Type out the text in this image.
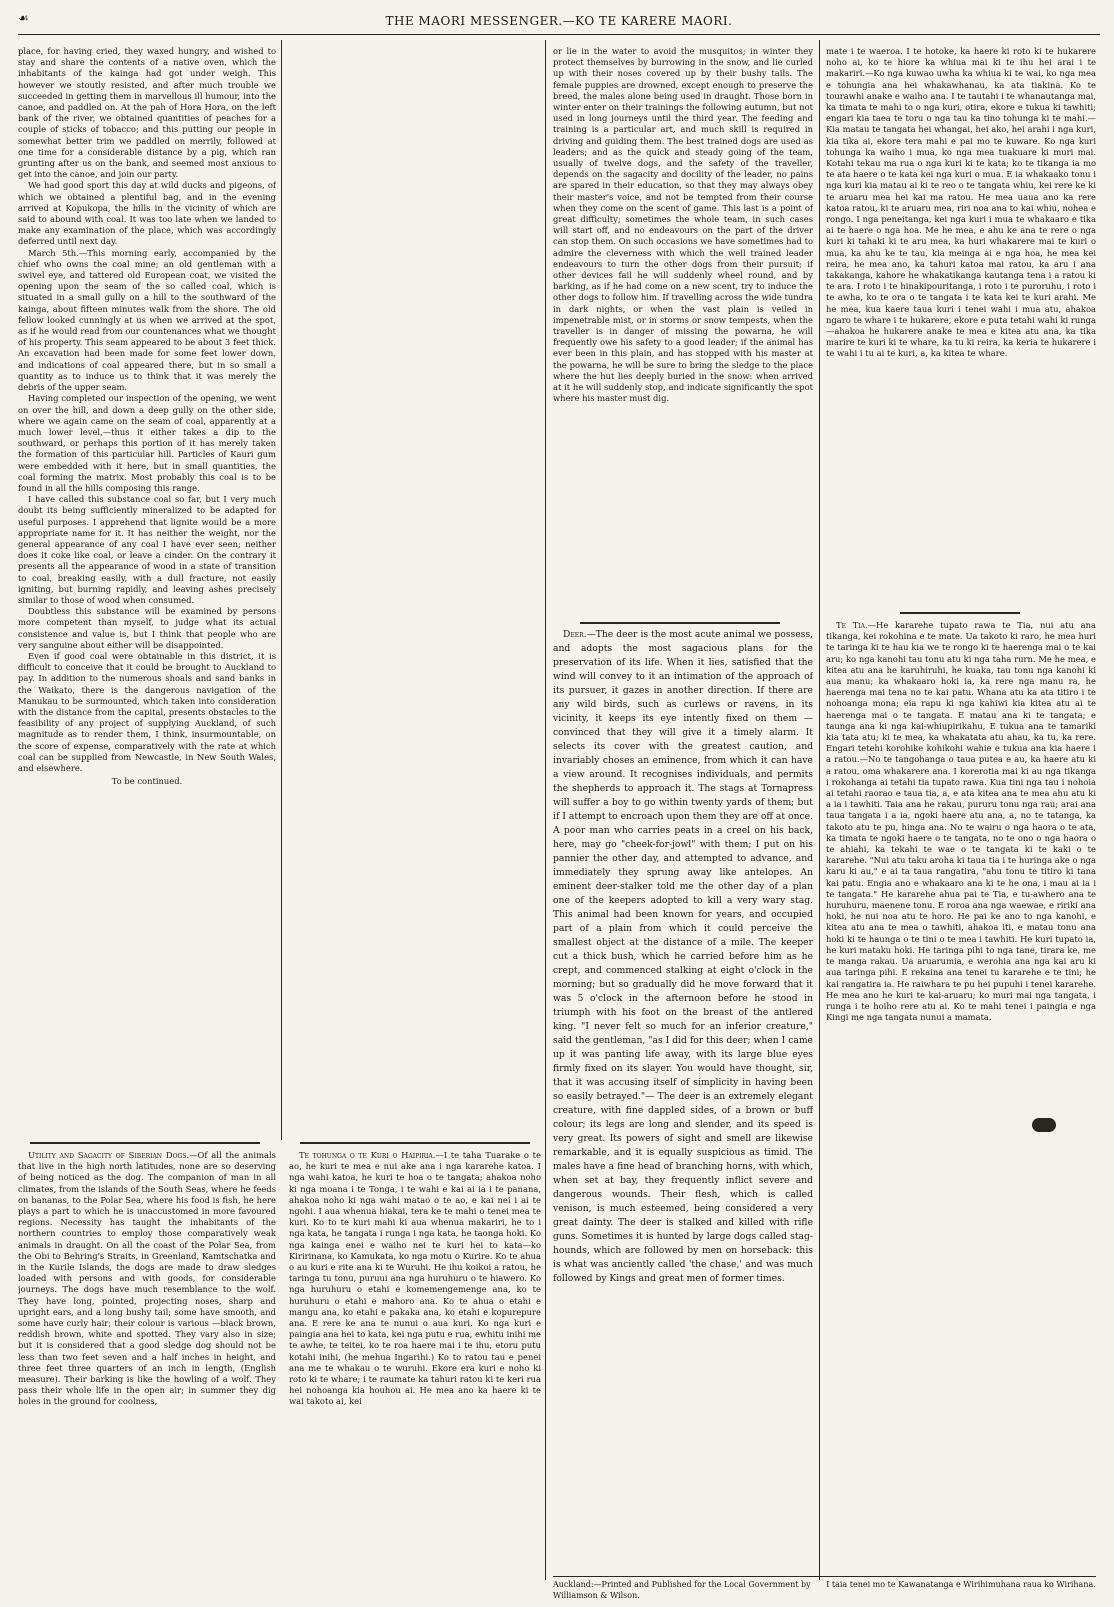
☙	THE MAORI MESSENGER.—KO TE KARERE MAORI.

place, for having cried, they waxed hungry, and wished to stay and share the contents of a native oven, which the inhabitants of the kainga had got under weigh. This however we stoutly resisted, and after much trouble we succeeded in getting them in marvellous ill humour, into the canoe, and paddled on. At the pah of Hora Hora, on the left bank of the river, we obtained quantities of peaches for a couple of sticks of tobacco; and this putting our people in somewhat better trim we paddled on merrily, followed at one time for a considerable distance by a pig, which ran grunting after us on the bank, and seemed most anxious to get into the canoe, and join our party.

We had good sport this day at wild ducks and pigeons, of which we obtained a plentiful bag, and in the evening arrived at Kopukopa, the hills in the vicinity of which are said to abound with coal. It was too late when we landed to make any examination of the place, which was accordingly deferred until next day.

March 5th.—This morning early, accompanied by the chief who owns the coal mine; an old gentleman with a swivel eye, and tattered old European coat, we visited the opening upon the seam of the so called coal, which is situated in a small gully on a hill to the southward of the kainga, about fifteen minutes walk from the shore. The old fellow looked cunningly at us when we arrived at the spot, as if he would read from our countenances what we thought of his property. This seam appeared to be about 3 feet thick. An excavation had been made for some feet lower down, and indications of coal appeared there, but in so small a quantity as to induce us to think that it was merely the debris of the upper seam.

Having completed our inspection of the opening, we went on over the hill, and down a deep gully on the other side, where we again came on the seam of coal, apparently at a much lower level,—thus it either takes a dip to the southward, or perhaps this portion of it has merely taken the formation of this particular hill. Particles of Kauri gum were embedded with it here, but in small quantities, the coal forming the matrix. Most probably this coal is to be found in all the hills composing this range.

I have called this substance coal so far, but I very much doubt its being sufficiently mineralized to be adapted for useful purposes. I apprehend that lignite would be a more appropriate name for it. It has neither the weight, nor the general appearance of any coal I have ever seen; neither does it coke like coal, or leave a cinder. On the contrary it presents all the appearance of wood in a state of transition to coal, breaking easily, with a dull fracture, not easily igniting, but burning rapidly, and leaving ashes precisely similar to those of wood when consumed.

Doubtless this substance will be examined by persons more competent than myself, to judge what its actual consistence and value is, but I think that people who are very sanguine about either will be disappointed.

Even if good coal were obtainable in this district, it is difficult to conceive that it could be brought to Auckland to pay. In addition to the numerous shoals and sand banks in the Waikato, there is the dangerous navigation of the Manukau to be surmounted, which taken into consideration with the distance from the capital, presents obstacles to the feasibility of any project of supplying Auckland, of such magnitude as to render them, I think, insurmountable, on the score of expense, comparatively with the rate at which coal can be supplied from Newcastle, in New South Wales, and elsewhere.

To be continued.

Utility and Sagacity of Siberian Dogs.—Of all the animals that live in the high north latitudes, none are so deserving of being noticed as the dog. The companion of man in all climates, from the islands of the South Seas, where he feeds on bananas, to the Polar Sea, where his food is fish, he here plays a part to which he is unaccustomed in more favoured regions. Necessity has taught the inhabitants of the northern countries to employ those comparatively weak animals in draught. On all the coast of the Polar Sea, from the Obi to Behring's Straits, in Greenland, Kamtschatka and in the Kurile Islands, the dogs are made to draw sledges loaded with persons and with goods, for considerable journeys. The dogs have much resemblance to the wolf. They have long, pointed, projecting noses, sharp and upright ears, and a long bushy tail; some have smooth, and some have curly hair; their colour is various —black brown, reddish brown, white and spotted. They vary also in size; but it is considered that a good sledge dog should not be less than two feet seven and a half inches in height, and three feet three quarters of an inch in length, (English measure). Their barking is like the howling of a wolf. They pass their whole life in the open air; in summer they dig holes in the ground for coolness,

Te tohunga o te Kuri o Haipiria.—I te taha Tuarake o te ao, he kuri te mea e nui ake ana i nga kararehe katoa. I nga wahi katoa, he kuri te hoa o te tangata; ahakoa noho ki nga moana i te Tonga, i te wahi e kai ai ia i te panana, ahakoa noho ki nga wahi matao o te ao, e kai nei i ai te ngohi. I aua whenua hiakai, tera ke te mahi o tenei mea te kuri. Ko to te kuri mahi ki aua whenua makariri, he to i nga kata, he tangata i runga i nga kata, he taonga hoki. Ko nga kainga enei e waiho nei te kuri hei to kata—ko Kiririnana, ko Kamukata, ko nga motu o Kurire. Ko te ahua o au kuri e rite ana ki te Wuruhi. He ihu koikoi a ratou, he taringa tu tonu, puruui ana nga huruhuru o te hiawero. Ko nga huruhuru o etahi e komemengemenge ana, ko te huruhuru o etahi e mahoro ana. Ko te ahua o etahi e mangu ana, ko etahi e pakaka ana, ko etahi e kopurepure ana. E rere ke ana te nunui o aua kuri. Ko nga kuri e paingia ana hei to kata, kei nga putu e rua, ewhitu inihi me te awhe, te teitei, ko te roa haere mai i te ihu, etoru putu kotahi inihi, (he mehua Ingarihi.) Ko to ratou tau e penei ana me te whakau o te wuruhi. Ekore era kuri e noho ki roto ki te whare; i te raumate ka tahuri ratou ki te keri rua hei nohoanga kia houhou ai. He mea ano ka haere ki te wai takoto ai, kei

or lie in the water to avoid the musquitos; in winter they protect themselves by burrowing in the snow, and lie curled up with their noses covered up by their bushy tails. The female puppies are drowned, except enough to preserve the breed, the males alone being used in draught. Those born in winter enter on their trainings the following autumn, but not used in long journeys until the third year. The feeding and training is a particular art, and much skill is required in driving and guiding them. The best trained dogs are used as leaders; and as the quick and steady going of the team, usually of twelve dogs, and the safety of the traveller, depends on the sagacity and docility of the leader, no pains are spared in their education, so that they may always obey their master's voice, and not be tempted from their course when they come on the scent of game. This last is a point of great difficulty; sometimes the whole team, in such cases will start off, and no endeavours on the part of the driver can stop them. On such occasions we have sometimes had to admire the cleverness with which the well trained leader endeavours to turn the other dogs from their pursuit; if other devices fail he will suddenly wheel round, and by barking, as if he had come on a new scent, try to induce the other dogs to follow him. If travelling across the wide tundra in dark nights, or when the vast plain is veiled in impenetrable mist, or in storms or snow tempests, when the traveller is in danger of missing the powarna, he will frequently owe his safety to a good leader; if the animal has ever been in this plain, and has stopped with his master at the powarna, he will be sure to bring the sledge to the place where the hut lies deeply buried in the snow: when arrived at it he will suddenly stop, and indicate significantly the spot where his master must dig.

mate i te waeroa. I te hotoke, ka haere ki roto ki te hukarere noho ai, ko te hiore ka whiua mai ki te ihu hei arai i te makariri.—Ko nga kuwao uwha ka whiua ki te wai, ko nga mea e tohungia ana hei whakawhanau, ka ata tiakina. Ko te tourawhi anake e waiho ana. I te tautahi i te whanautanga mai, ka timata te mahi to o nga kuri, otira, ekore e tukua ki tawhiti; engari kia taea te toru o nga tau ka tino tohunga ki te mahi.—Kia matau te tangata hei whangai, hei ako, hei arahi i nga kuri, kia tika ai, ekore tera mahi e pai mo te kuware. Ko nga kuri tohunga ka waiho i mua, ko nga mea tuakuare ki muri mai. Kotahi tekau ma rua o nga kuri ki te kata; ko te tikanga ia mo te ata haere o te kata kei nga kuri o mua. E ia whakaako tonu i nga kuri kia matau ai ki te reo o te tangata whiu, kei rere ke ki te aruaru mea hei kai ma ratou. He mea uaua ano ka rere katoa ratou, ki te aruaru mea, riri noa ana to kai whiu, nohea e rongo. I nga peneitanga, kei nga kuri i mua te whakaaro e tika ai te haere o nga hoa. Me he mea, e ahu ke ana te rere o nga kuri ki tahaki ki te aru mea, ka huri whakarere mai te kuri o mua, ka ahu ke te tau, kia meinga ai e nga hoa, he mea kei reira, he mea ano, ka tahuri katoa mai ratou, ka aru i ana takakanga, kahore he whakatikanga kautanga tena i a ratou ki te ara. I roto i te hinakipouritanga, i roto i te puroruhu, i roto i te awha, ko te ora o te tangata i te kata kei te kuri arahi. Me he mea, kua kaere taua kuri i tenei wahi i mua atu, ahakoa ngaro te whare i te hukarere, ekore e puta tetahi wahi ki runga—ahakoa he hukarere anake te mea e kitea atu ana, ka tika marire te kuri ki te whare, ka tu ki reira, ka keria te hukarere i te wahi i tu ai te kuri, a, ka kitea te whare.

Deer.—The deer is the most acute animal we possess, and adopts the most sagacious plans for the preservation of its life. When it lies, satisfied that the wind will convey to it an intimation of the approach of its pursuer, it gazes in another direction. If there are any wild birds, such as curlews or ravens, in its vicinity, it keeps its eye intently fixed on them —convinced that they will give it a timely alarm. It selects its cover with the greatest caution, and invariably choses an eminence, from which it can have a view around. It recognises individuals, and permits the shepherds to approach it. The stags at Tornapress will suffer a boy to go within twenty yards of them; but if I attempt to encroach upon them they are off at once. A poor man who carries peats in a creel on his back, here, may go "cheek-for-jowl" with them; I put on his pannier the other day, and attempted to advance, and immediately they sprung away like antelopes. An eminent deer-stalker told me the other day of a plan one of the keepers adopted to kill a very wary stag. This animal had been known for years, and occupied part of a plain from which it could perceive the smallest object at the distance of a mile. The keeper cut a thick bush, which he carried before him as he crept, and commenced stalking at eight o'clock in the morning; but so gradually did he move forward that it was 5 o'clock in the afternoon before he stood in triumph with his foot on the breast of the antlered king. "I never felt so much for an inferior creature," said the gentleman, "as I did for this deer; when I came up it was panting life away, with its large blue eyes firmly fixed on its slayer. You would have thought, sir, that it was accusing itself of simplicity in having been so easily betrayed."— The deer is an extremely elegant creature, with fine dappled sides, of a brown or buff colour; its legs are long and slender, and its speed is very great. Its powers of sight and smell are likewise remarkable, and it is equally suspicious as timid. The males have a fine head of branching horns, with which, when set at bay, they frequently inflict severe and dangerous wounds. Their flesh, which is called venison, is much esteemed, being considered a very great dainty. The deer is stalked and killed with rifle guns. Sometimes it is hunted by large dogs called stag-hounds, which are followed by men on horseback: this is what was anciently called 'the chase,' and was much followed by Kings and great men of former times.

Te Tia.—He kararehe tupato rawa te Tia, nui atu ana tikanga, kei rokohina e te mate. Ua takoto ki raro, he mea huri te taringa ki te hau kia we te rongo ki te haerenga mai o te kai aru; ko nga kanohi tau tonu atu ki nga taha rurn. Me he mea, e kitea atu ana he karuhiruhi, he kuaka, tau tonu nga kanohi ki aua manu; ka whakaaro hoki ia, ka rere nga manu ra, he haerenga mai tena no te kai patu. Whana atu ka ata titiro i te nohoanga mona; eia rapu ki nga kahiwi kia kitea atu ai te haerenga mai o te tangata. E matau ana ki te tangata; e taunga ana ki nga kai-whiupirikahu, E tukua ana te tamariki kia tata atu; ki te mea, ka whakatata atu ahau, ka tu, ka rere. Engari tetehi korohike kohikohi wahie e tukua ana kia haere i a ratou.—No te tangohanga o taua putea e au, ka haere atu ki a ratou, oma whakarere ana. I korerotia mai ki au nga tikanga i rokohanga ai tetahi tia tupato rawa. Kua tini nga tau i nohoia ai tetahi raorao e taua tia, a, e ata kitea ana te mea ahu atu ki a ia i tawhiti. Taia ana he rakau, pururu tonu nga rau; arai ana taua tangata i a ia, ngoki haere atu ana, a, no te tatanga, ka takoto atu te pu, hinga ana. No te wairu o nga haora o te ata, ka timata te ngoki haere o te tangata, no te ono o nga haora o te ahiahi, ka tekahi te wae o te tangata ki te kaki o te kararehe. "Nui atu taku aroha ki taua tia i te huringa ake o nga karu ki au," e ai ta taua rangatira, "ahu tonu te titiro ki tana kai patu. Engia ano e whakaaro ana ki te he ona, i mau ai ia i te tangata." He kararehe ahua pai te Tia, e tu-awhero ana te huruhuru, maenene tonu. E roroa ana nga waewae, e ririki ana hoki, he nui noa atu te horo. He pai ke ano to nga kanohi, e kitea atu ana te mea o tawhiti, ahakoa iti, e matau tonu ana hoki ki te haunga o te tini o te mea i tawhiti. He kuri tupato ia, he kuri mataku hoki. He taringa pihi to nga tane, tirara ke, me te manga rakau. Ua aruarumia, e werohia ana nga kai aru ki aua taringa pihi. E rekaina ana tenei tu kararehe e te tini; he kai rangatira ia. He raiwhara te pu hei pupuhi i tenei kararehe. He mea ano he kuri te kai-aruaru; ko muri mai nga tangata, i runga i te hoiho rere atu ai. Ko te mahi tenei i paingia e nga Kingi me nga tangata nunui a mamata.

Auckland:—Printed and Published for the Local Government by Williamson & Wilson.
I taia tenei mo te Kawanatanga e Wirihimuhana raua ko Wirihana.
